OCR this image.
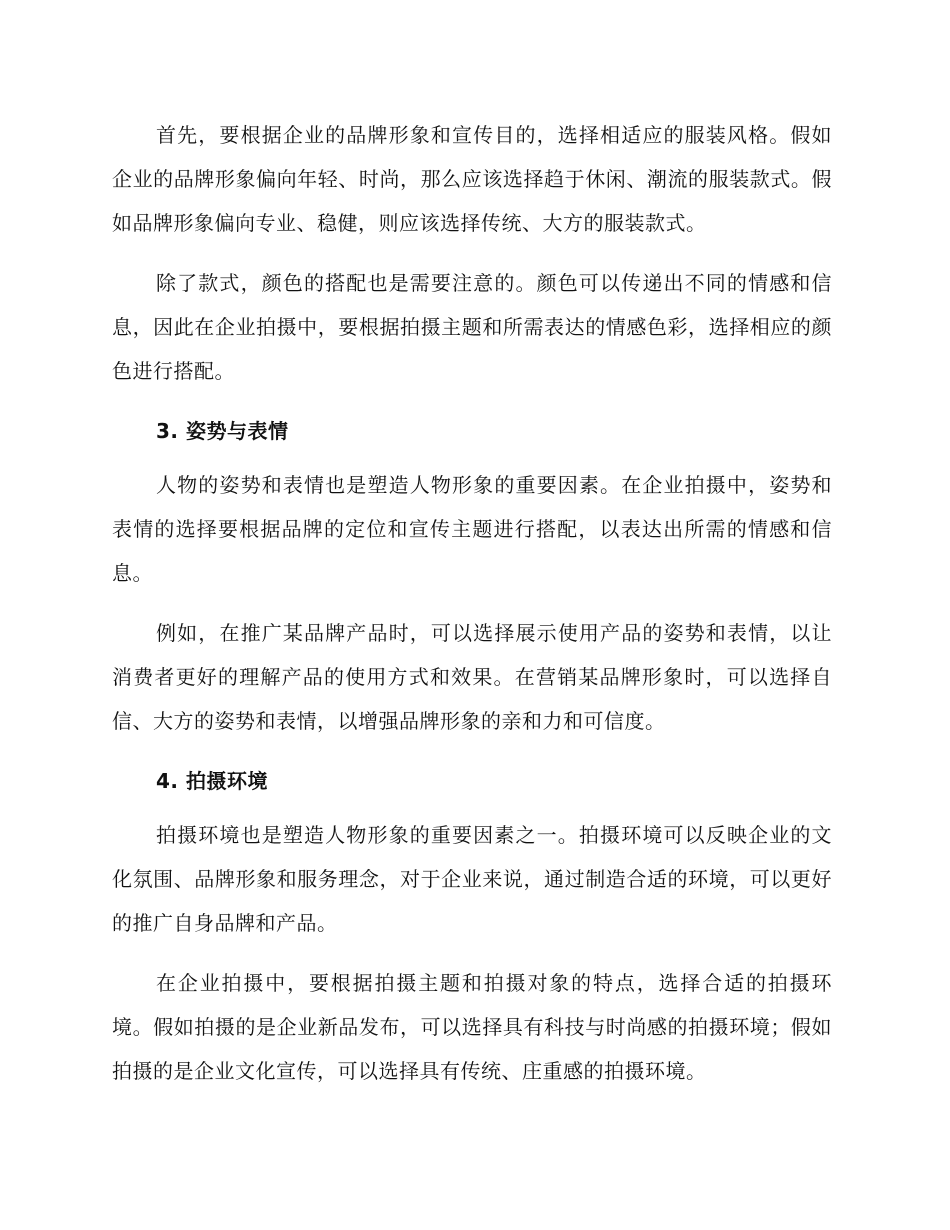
首先，要根据企业的品牌形象和宣传目的，选择相适应的服装风格。假如企业的品牌形象偏向年轻、时尚，那么应该选择趋于休闲、潮流的服装款式。假如品牌形象偏向专业、稳健，则应该选择传统、大方的服装款式。

除了款式，颜色的搭配也是需要注意的。颜色可以传递出不同的情感和信息，因此在企业拍摄中，要根据拍摄主题和所需表达的情感色彩，选择相应的颜色进行搭配。

3. 姿势与表情

人物的姿势和表情也是塑造人物形象的重要因素。在企业拍摄中，姿势和表情的选择要根据品牌的定位和宣传主题进行搭配，以表达出所需的情感和信息。

例如，在推广某品牌产品时，可以选择展示使用产品的姿势和表情，以让消费者更好的理解产品的使用方式和效果。在营销某品牌形象时，可以选择自信、大方的姿势和表情，以增强品牌形象的亲和力和可信度。

4. 拍摄环境

拍摄环境也是塑造人物形象的重要因素之一。拍摄环境可以反映企业的文化氛围、品牌形象和服务理念，对于企业来说，通过制造合适的环境，可以更好的推广自身品牌和产品。

在企业拍摄中，要根据拍摄主题和拍摄对象的特点，选择合适的拍摄环境。假如拍摄的是企业新品发布，可以选择具有科技与时尚感的拍摄环境；假如拍摄的是企业文化宣传，可以选择具有传统、庄重感的拍摄环境。
